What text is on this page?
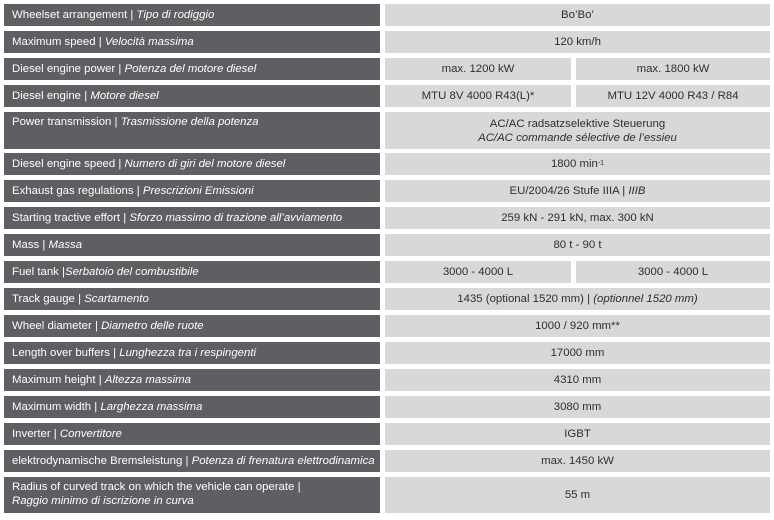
Wheelset arrangement | Tipo di rodiggio	Bo’Bo’
Maximum speed | Velocità massima	120 km/h
Diesel engine power | Potenza del motore diesel	max. 1200 kW	max. 1800 kW
Diesel engine | Motore diesel	MTU 8V 4000 R43(L)*	MTU 12V 4000 R43 / R84
Power transmission | Trasmissione della potenza	AC/AC radsatzselektive Steuerung
AC/AC commande sélective de l’essieu
Diesel engine speed | Numero di giri del motore diesel	1800 min -1
Exhaust gas regulations | Prescrizioni Emissioni	EU/2004/26 Stufe IIIA | IIIB
Starting tractive effort | Sforzo massimo di trazione all’avviamento	259 kN - 291 kN, max. 300 kN
Mass | Massa	80 t - 90 t
Fuel tank | Serbatoio del combustibile	3000 - 4000 L	3000 - 4000 L
Track gauge | Scartamento	1435 (optional 1520 mm) | (optionnel 1520 mm)
Wheel diameter | Diametro delle ruote	1000 / 920 mm**
Length over buffers | Lunghezza tra i respingenti	17000 mm
Maximum height | Altezza massima	4310 mm
Maximum width | Larghezza massima	3080 mm
Inverter | Convertitore	IGBT
elektrodynamische Bremsleistung | Potenza di frenatura elettrodinamica	max. 1450 kW
Radius of curved track on which the vehicle can operate |
Raggio minimo di iscrizione in curva	55 m
